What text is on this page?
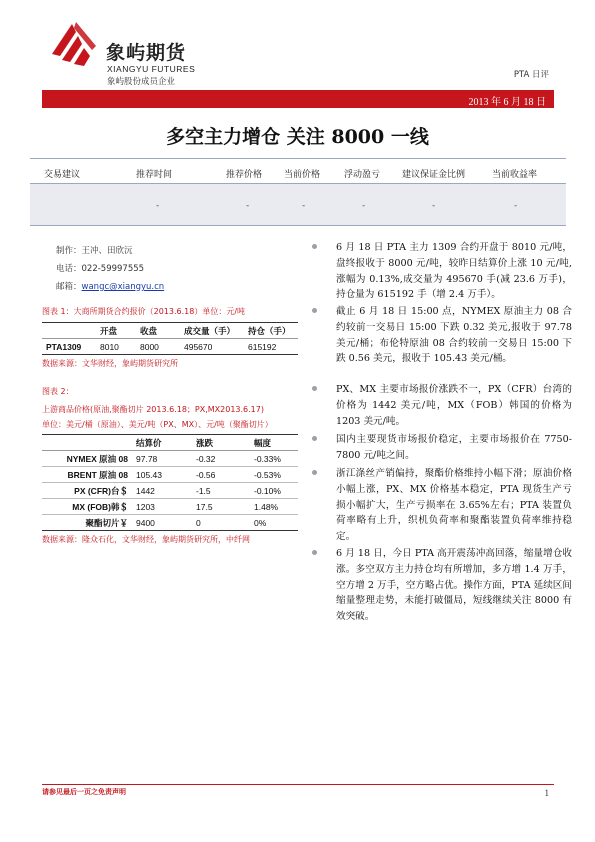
象屿期货
XIANGYU FUTURES
象屿股份成员企业
PTA 日评
2013 年 6 月 18 日
多空主力增仓 关注 8000 一线
交易建议	推荐时间	推荐价格 当前价格	浮动盈亏 建议保证金比例	当前收益率
-	-	-	-	-	-
制作：王冲、田欣沅
电话：022-59997555
邮箱：wangc@xiangyu.cn
图表 1：大商所期货合约报价（2013.6.18）单位：元/吨
	开盘	收盘	成交量（手）	持仓（手）
PTA1309	8010	8000	495670	615192
数据来源：文华财经，象屿期货研究所
图表 2：
上游商品价格(原油,聚酯切片 2013.6.18；PX,MX2013.6.17)
单位：美元/桶（原油）、美元/吨（PX、MX）、元/吨（聚酯切片）
	结算价	涨跌	幅度
NYMEX 原油 08	97.78	-0.32	-0.33%
BRENT 原油 08	105.43	-0.56	-0.53%
PX (CFR)台＄	1442	-1.5	-0.10%
MX (FOB)韩＄	1203	17.5	1.48%
聚酯切片￥	9400	0	0%
数据来源：隆众石化，文华财经，象屿期货研究所，中纤网
6 月 18 日 PTA 主力 1309 合约开盘于 8010 元/吨，盘终报收于 8000 元/吨，较昨日结算价上涨 10 元/吨,涨幅为 0.13%,成交量为 495670 手(减 23.6 万手)，持仓量为 615192 手（增 2.4 万手）。
截止 6 月 18 日 15:00 点，NYMEX 原油主力 08 合约较前一交易日 15:00 下跌 0.32 美元,报收于 97.78 美元/桶；布伦特原油 08 合约较前一交易日 15:00 下跌 0.56 美元，报收于 105.43 美元/桶。
PX、MX 主要市场报价涨跌不一，PX（CFR）台湾的价格为 1442 美元/吨，MX（FOB）韩国的价格为 1203 美元/吨。
国内主要现货市场报价稳定，主要市场报价在 7750-7800 元/吨之间。
浙江涤丝产销偏持，聚酯价格维持小幅下滑；原油价格小幅上涨，PX、MX 价格基本稳定，PTA 现货生产亏损小幅扩大，生产亏损率在 3.65%左右；PTA 装置负荷率略有上升，织机负荷率和聚酯装置负荷率维持稳定。
6 月 18 日，今日 PTA 高开震荡冲高回落，缩量增仓收涨。多空双方主力持仓均有所增加，多方增 1.4 万手，空方增 2 万手，空方略占优。操作方面，PTA 延续区间缩量整理走势，未能打破僵局，短线继续关注 8000 有效突破。
请参见最后一页之免责声明	1
